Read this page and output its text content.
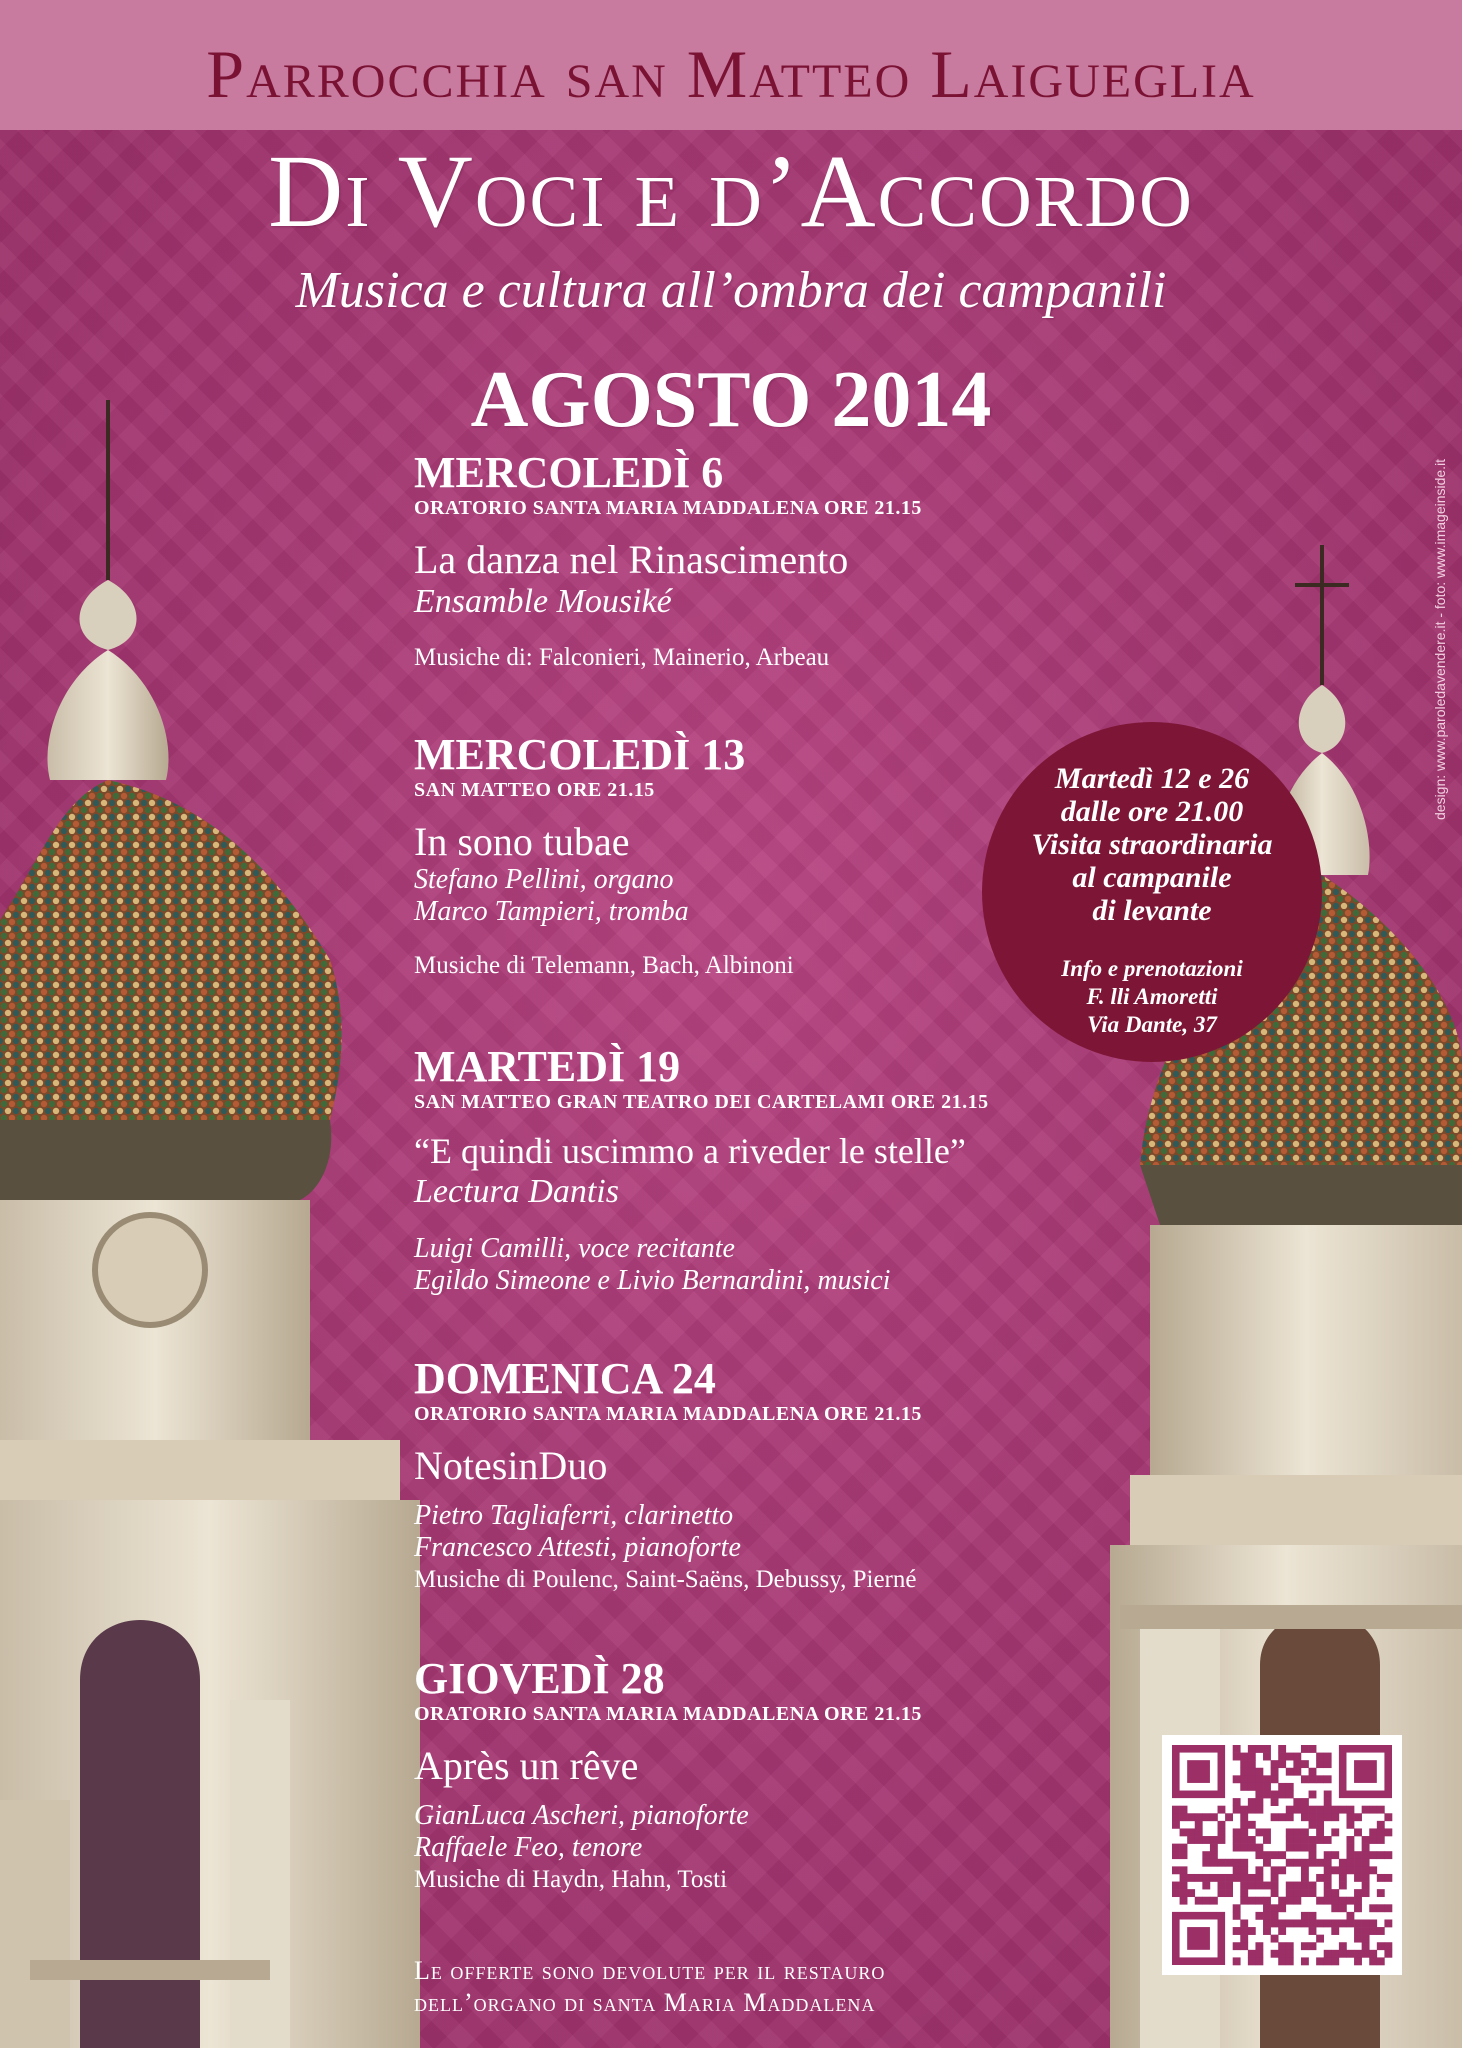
Parrocchia san Matteo Laigueglia
Di Voci e d’Accordo
Musica e cultura all’ombra dei campanili
AGOSTO 2014
MERCOLEDÌ 6
ORATORIO SANTA MARIA MADDALENA ORE 21.15
La danza nel Rinascimento
Ensamble Mousiké
Musiche di: Falconieri, Mainerio, Arbeau
MERCOLEDÌ 13
SAN MATTEO ORE 21.15
In sono tubae
Stefano Pellini, organo
Marco Tampieri, tromba
Musiche di Telemann, Bach, Albinoni
MARTEDÌ 19
SAN MATTEO GRAN TEATRO DEI CARTELAMI ORE 21.15
“E quindi uscimmo a riveder le stelle”
Lectura Dantis
Luigi Camilli, voce recitante
Egildo Simeone e Livio Bernardini, musici
DOMENICA 24
ORATORIO SANTA MARIA MADDALENA ORE 21.15
NotesinDuo
Pietro Tagliaferri, clarinetto
Francesco Attesti, pianoforte
Musiche di Poulenc, Saint-Saëns, Debussy, Pierné
GIOVEDÌ 28
ORATORIO SANTA MARIA MADDALENA ORE 21.15
Après un rêve
GianLuca Ascheri, pianoforte
Raffaele Feo, tenore
Musiche di Haydn, Hahn, Tosti
Martedì 12 e 26
dalle ore 21.00
Visita straordinaria
al campanile
di levante
Info e prenotazioni
F. lli Amoretti
Via Dante, 37
design: www.paroledavendere.it - foto: www.imageinside.it
Le offerte sono devolute per il restauro
dell’organo di santa Maria Maddalena
